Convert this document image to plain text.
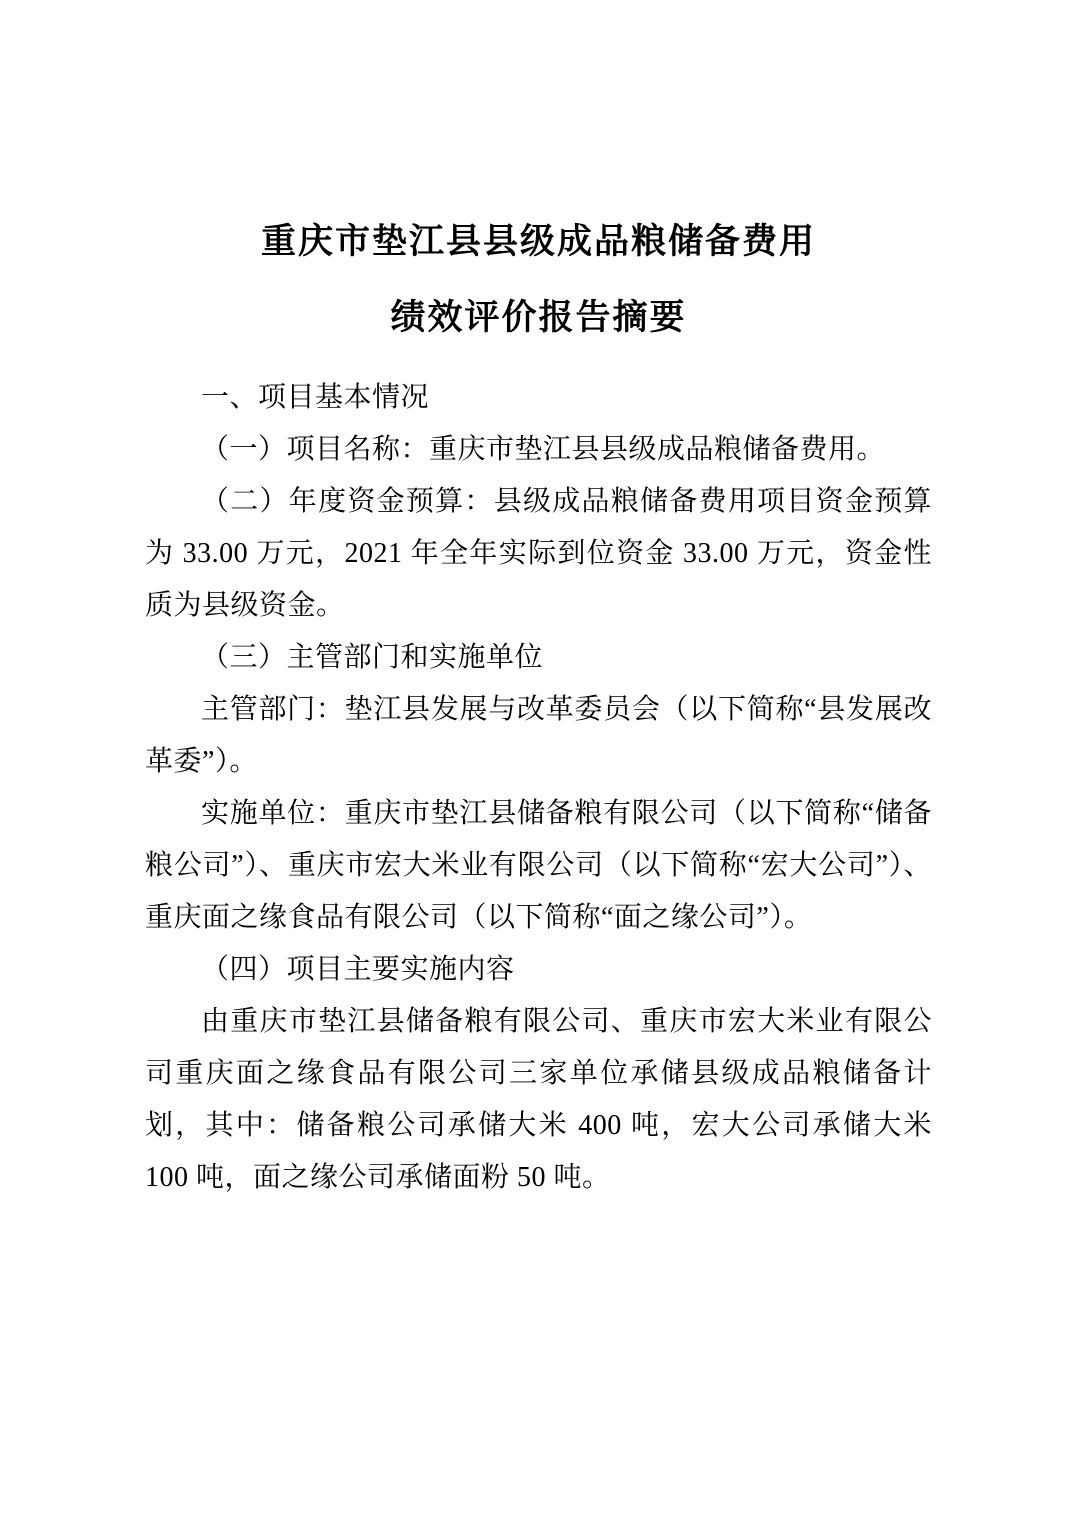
重庆市垫江县县级成品粮储备费用
绩效评价报告摘要

一、项目基本情况

（一）项目名称：重庆市垫江县县级成品粮储备费用。

（二）年度资金预算：县级成品粮储备费用项目资金预算为 33.00 万元，2021 年全年实际到位资金 33.00 万元，资金性质为县级资金。

（三）主管部门和实施单位

主管部门：垫江县发展与改革委员会（以下简称“县发展改革委”）。

实施单位：重庆市垫江县储备粮有限公司（以下简称“储备粮公司”）、重庆市宏大米业有限公司（以下简称“宏大公司”）、重庆面之缘食品有限公司（以下简称“面之缘公司”）。

（四）项目主要实施内容

由重庆市垫江县储备粮有限公司、重庆市宏大米业有限公司重庆面之缘食品有限公司三家单位承储县级成品粮储备计划，其中：储备粮公司承储大米 400 吨，宏大公司承储大米 100 吨，面之缘公司承储面粉 50 吨。
